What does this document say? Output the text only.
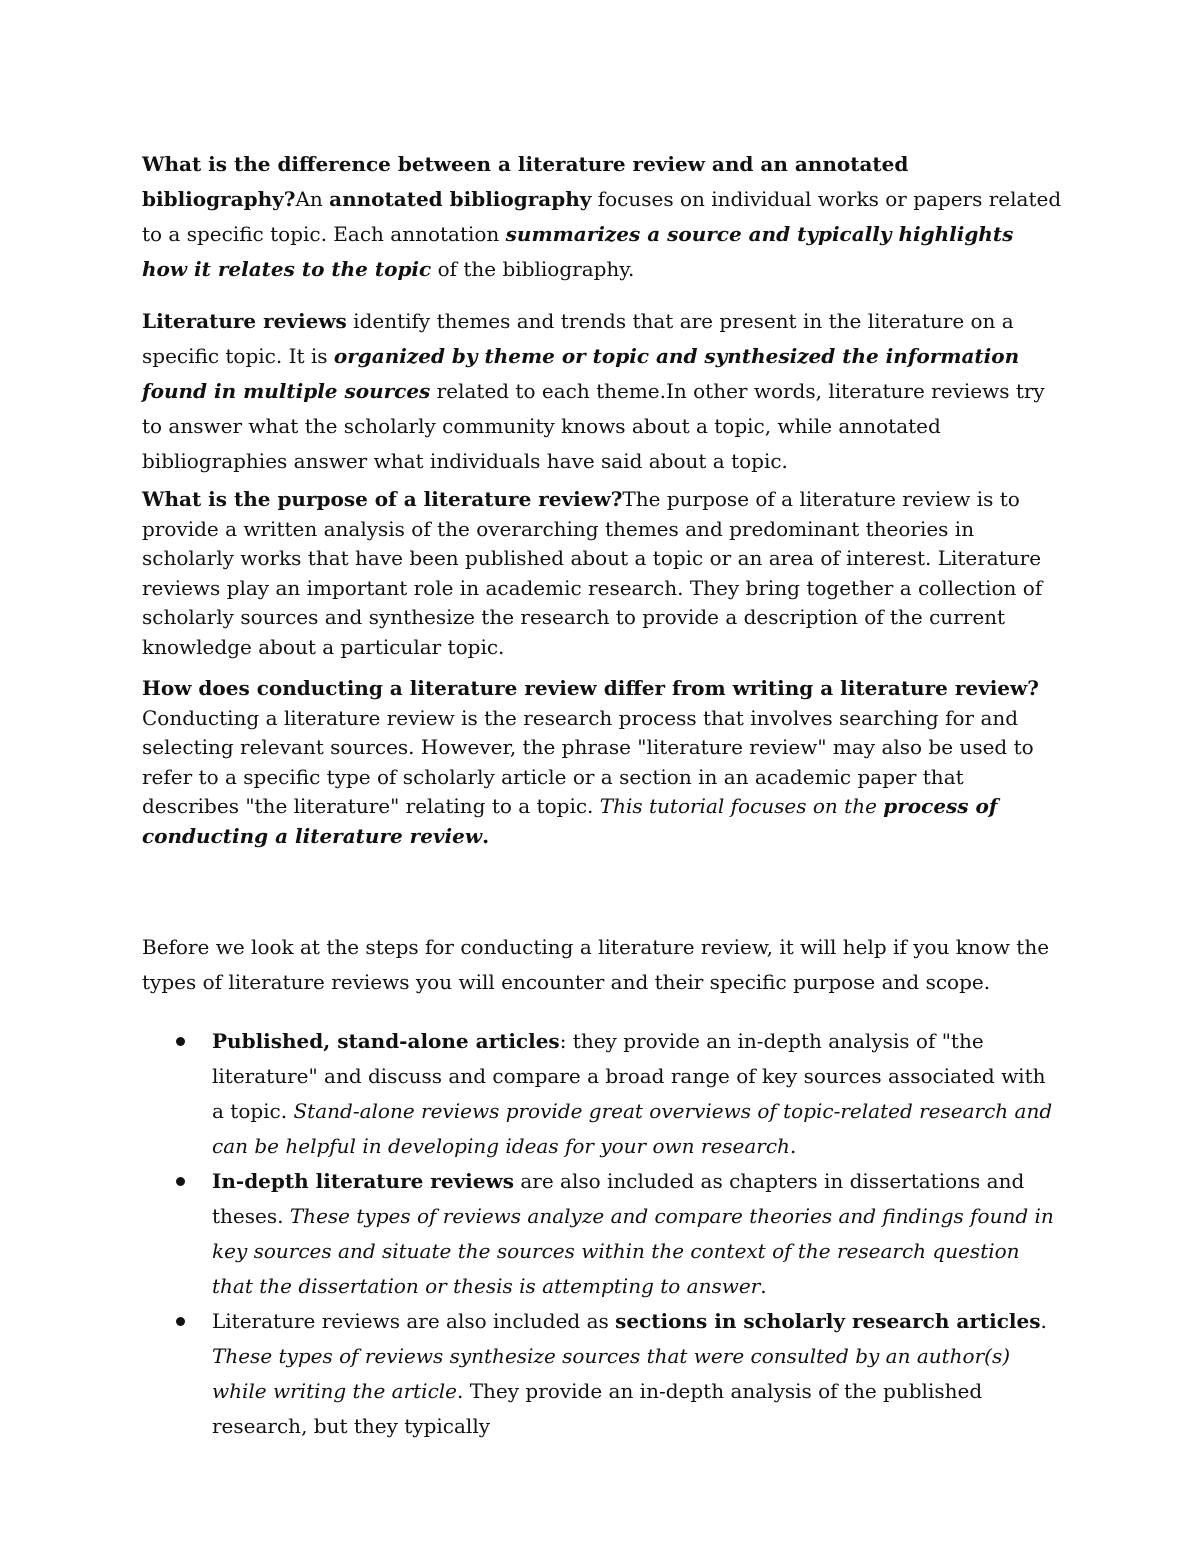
What is the difference between a literature review and an annotated bibliography?An annotated bibliography focuses on individual works or papers related to a specific topic. Each annotation summarizes a source and typically highlights how it relates to the topic of the bibliography.

Literature reviews identify themes and trends that are present in the literature on a specific topic. It is organized by theme or topic and synthesized the information found in multiple sources related to each theme.In other words, literature reviews try to answer what the scholarly community knows about a topic, while annotated bibliographies answer what individuals have said about a topic.

What is the purpose of a literature review?The purpose of a literature review is to provide a written analysis of the overarching themes and predominant theories in scholarly works that have been published about a topic or an area of interest. Literature reviews play an important role in academic research. They bring together a collection of scholarly sources and synthesize the research to provide a description of the current knowledge about a particular topic.

How does conducting a literature review differ from writing a literature review?Conducting a literature review is the research process that involves searching for and selecting relevant sources. However, the phrase "literature review" may also be used to refer to a specific type of scholarly article or a section in an academic paper that describes "the literature" relating to a topic. This tutorial focuses on the process of conducting a literature review.

Before we look at the steps for conducting a literature review, it will help if you know the types of literature reviews you will encounter and their specific purpose and scope.

Published, stand-alone articles: they provide an in-depth analysis of "the literature" and discuss and compare a broad range of key sources associated with a topic. Stand-alone reviews provide great overviews of topic-related research and can be helpful in developing ideas for your own research.
In-depth literature reviews are also included as chapters in dissertations and theses. These types of reviews analyze and compare theories and findings found in key sources and situate the sources within the context of the research question that the dissertation or thesis is attempting to answer.
Literature reviews are also included as sections in scholarly research articles. These types of reviews synthesize sources that were consulted by an author(s) while writing the article. They provide an in-depth analysis of the published research, but they typically
